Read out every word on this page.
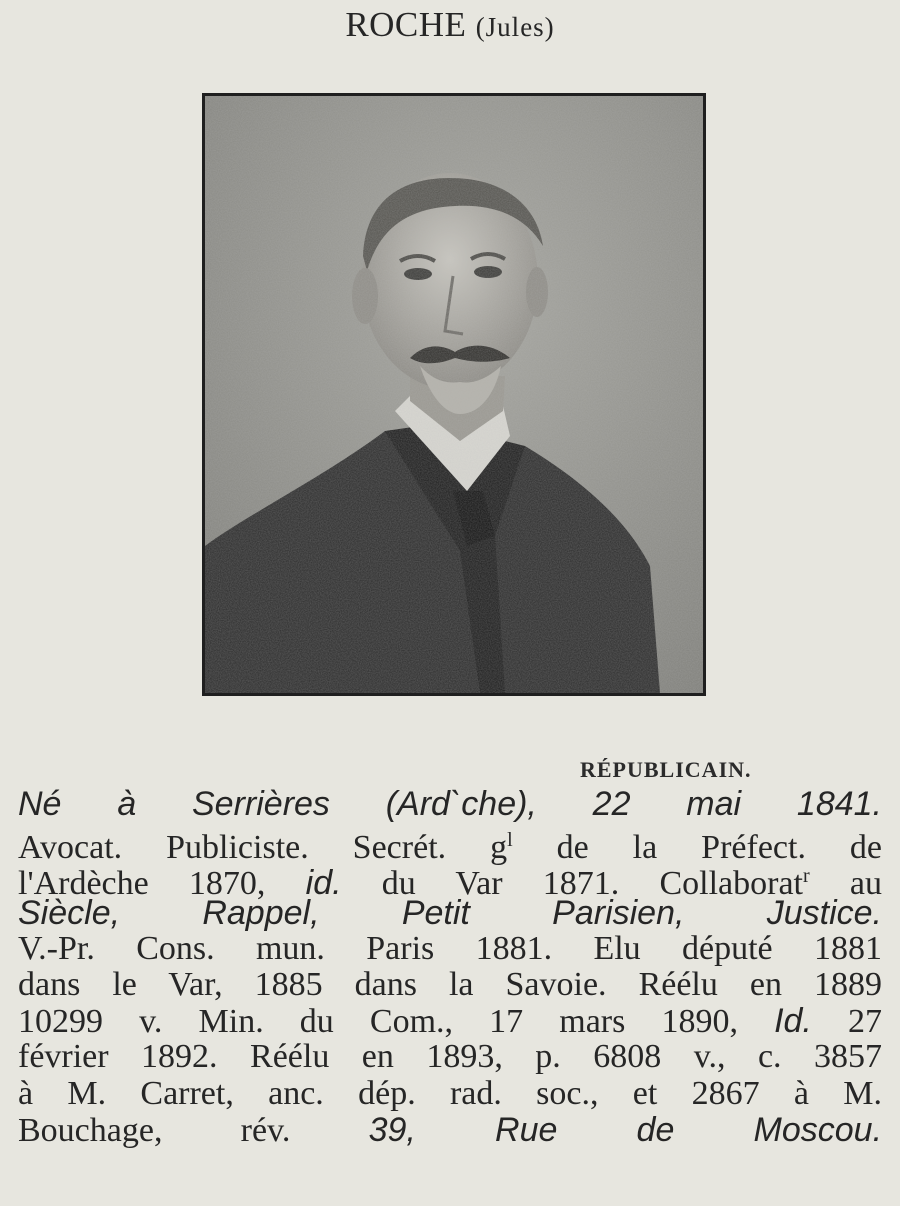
ROCHE (Jules)
RÉPUBLICAIN.
Né à Serrières (Ard`che), 22 mai 1841.
Avocat. Publiciste. Secrét. $g^l$ de la Préfect. de
l'Ardèche 1870, id. du Var 1871. Collaborat$^r$ au
Siècle, Rappel, Petit Parisien, Justice.
V.-Pr. Cons. mun. Paris 1881. Elu député 1881
dans le Var, 1885 dans la Savoie. Réélu en 1889
10299 v. Min. du Com., 17 mars 1890, Id. 27
février 1892. Réélu en 1893, p. 6808 v., c. 3857
à M. Carret, anc. dép. rad. soc., et 2867 à M.
Bouchage, rév. 39, Rue de Moscou.
